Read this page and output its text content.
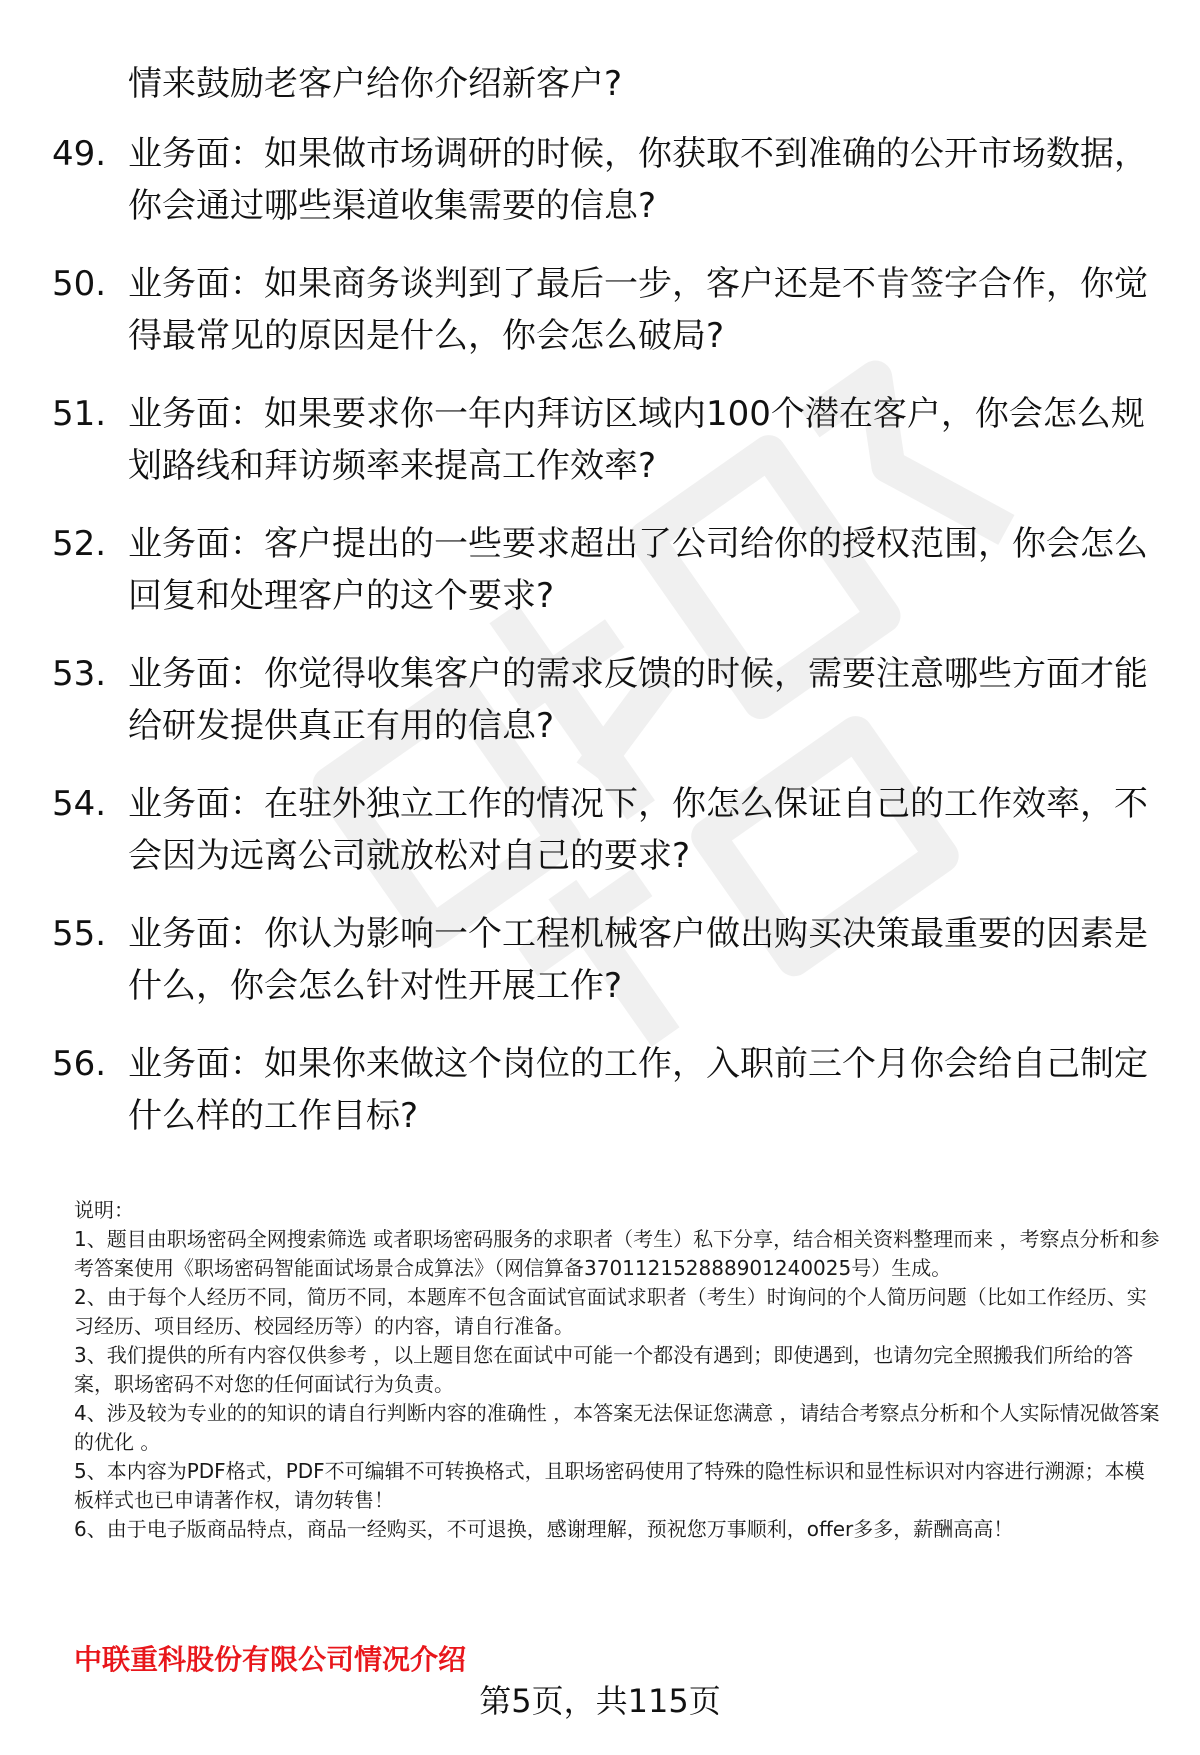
情来鼓励老客户给你介绍新客户?
49. 业务面：如果做市场调研的时候，你获取不到准确的公开市场数据，你会通过哪些渠道收集需要的信息?
50. 业务面：如果商务谈判到了最后一步，客户还是不肯签字合作，你觉得最常见的原因是什么，你会怎么破局?
51. 业务面：如果要求你一年内拜访区域内100个潜在客户，你会怎么规划路线和拜访频率来提高工作效率?
52. 业务面：客户提出的一些要求超出了公司给你的授权范围，你会怎么回复和处理客户的这个要求?
53. 业务面：你觉得收集客户的需求反馈的时候，需要注意哪些方面才能给研发提供真正有用的信息?
54. 业务面：在驻外独立工作的情况下，你怎么保证自己的工作效率，不会因为远离公司就放松对自己的要求?
55. 业务面：你认为影响一个工程机械客户做出购买决策最重要的因素是什么，你会怎么针对性开展工作?
56. 业务面：如果你来做这个岗位的工作，入职前三个月你会给自己制定什么样的工作目标?
说明：
1、题目由职场密码全网搜索筛选 或者职场密码服务的求职者（考生）私下分享，结合相关资料整理而来 ，考察点分析和参考答案使用《职场密码智能面试场景合成算法》（网信算备370112152888901240025号）生成。
2、由于每个人经历不同，简历不同，本题库不包含面试官面试求职者（考生）时询问的个人简历问题（比如工作经历、实习经历、项目经历、校园经历等）的内容，请自行准备。
3、我们提供的所有内容仅供参考 ，以上题目您在面试中可能一个都没有遇到；即使遇到，也请勿完全照搬我们所给的答案，职场密码不对您的任何面试行为负责。
4、涉及较为专业的的知识的请自行判断内容的准确性 ，本答案无法保证您满意 ，请结合考察点分析和个人实际情况做答案的优化 。
5、本内容为PDF格式，PDF不可编辑不可转换格式，且职场密码使用了特殊的隐性标识和显性标识对内容进行溯源；本模板样式也已申请著作权，请勿转售！
6、由于电子版商品特点，商品一经购买，不可退换，感谢理解，预祝您万事顺利，offer多多，薪酬高高！
中联重科股份有限公司情况介绍
第5页，共115页
